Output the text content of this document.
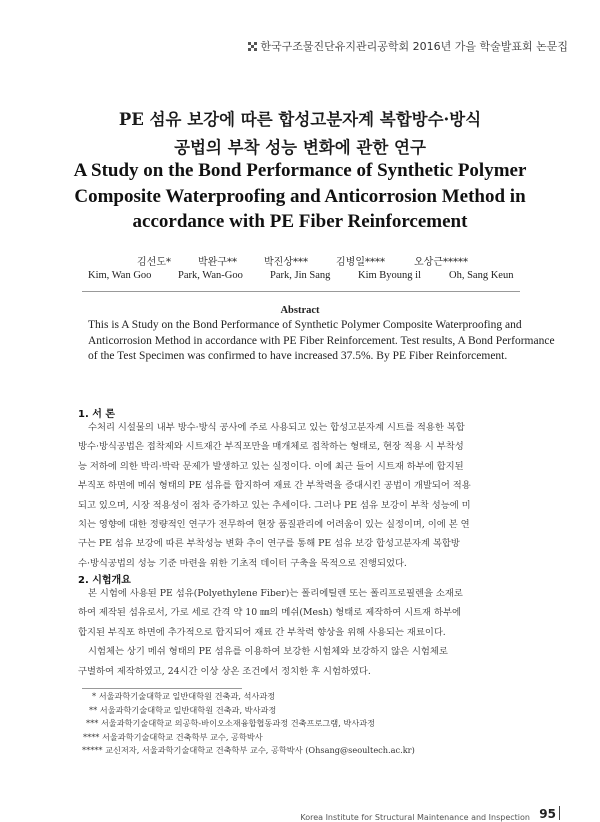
한국구조물진단유지관리공학회 2016년 가을 학술발표회 논문집
PE 섬유 보강에 따른 합성고분자계 복합방수·방식
공법의 부착 성능 변화에 관한 연구
A Study on the Bond Performance of Synthetic Polymer
Composite Waterproofing and Anticorrosion Method in
accordance with PE Fiber Reinforcement
김선도*	박완구**	박진상***	김병일****	오상근*****
Kim, Wan Goo	Park, Wan-Goo	Park, Jin Sang	Kim Byoung il	Oh, Sang Keun
Abstract
This is A Study on the Bond Performance of Synthetic Polymer Composite Waterproofing and
Anticorrosion Method in accordance with PE Fiber Reinforcement. Test results, A Bond Performance
of the Test Specimen was confirmed to have increased 37.5%. By PE Fiber Reinforcement.
1. 서 론
수처리 시설물의 내부 방수·방식 공사에 주로 사용되고 있는 합성고분자계 시트를 적용한 복합
방수·방식공법은 접착제와 시트재간 부직포만을 매개체로 접착하는 형태로, 현장 적용 시 부착성
능 저하에 의한 박리·박락 문제가 발생하고 있는 실정이다. 이에 최근 들어 시트재 하부에 합지된
부직포 하면에 메쉬 형태의 PE 섬유를 합지하여 재료 간 부착력을 증대시킨 공법이 개발되어 적용
되고 있으며, 시장 적용성이 점차 증가하고 있는 추세이다. 그러나 PE 섬유 보강이 부착 성능에 미
치는 영향에 대한 정량적인 연구가 전무하여 현장 품질관리에 어려움이 있는 실정이며, 이에 본 연
구는 PE 섬유 보강에 따른 부착성능 변화 추이 연구를 통해 PE 섬유 보강 합성고분자계 복합방
수·방식공법의 성능 기준 마련을 위한 기초적 데이터 구축을 목적으로 진행되었다.
2. 시험개요
본 시험에 사용된 PE 섬유(Polyethylene Fiber)는 폴리에틸렌 또는 폴리프로필렌을 소재로
하여 제작된 섬유로서, 가로 세로 간격 약 10 ㎜의 메쉬(Mesh) 형태로 제작하여 시트재 하부에
합지된 부직포 하면에 추가적으로 합지되어 재료 간 부착력 향상을 위해 사용되는 재료이다.
시험체는 상기 메쉬 형태의 PE 섬유를 이용하여 보강한 시험체와 보강하지 않은 시험체로
구별하여 제작하였고, 24시간 이상 상온 조건에서 정치한 후 시험하였다.
* 서울과학기술대학교 일반대학원 건축과, 석사과정
** 서울과학기술대학교 일반대학원 건축과, 박사과정
*** 서울과학기술대학교 의공학-바이오소재융합협동과정 건축프로그램, 박사과정
**** 서울과학기술대학교 건축학부 교수, 공학박사
***** 교신저자, 서울과학기술대학교 건축학부 교수, 공학박사 (Ohsang@seoultech.ac.kr)
Korea Institute for Structural Maintenance and Inspection 95
